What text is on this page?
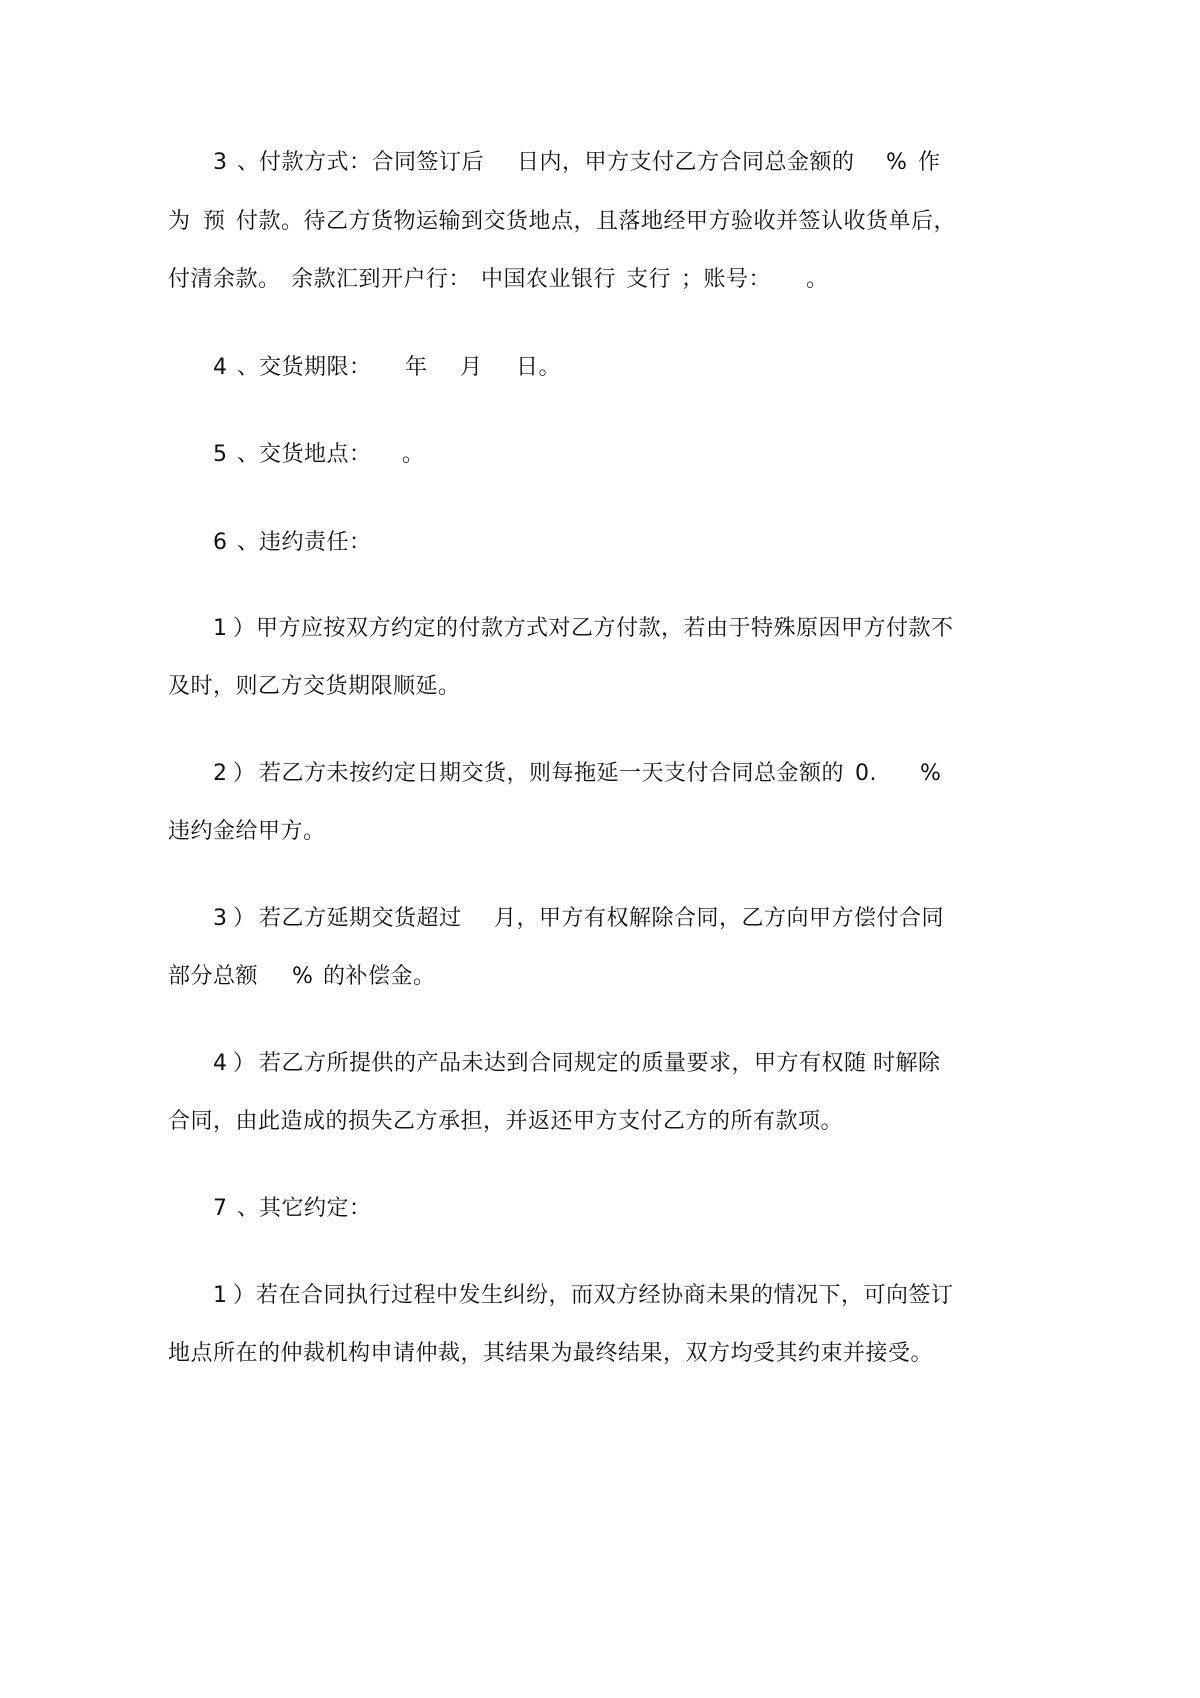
3

、

付款方式：合同签订后

日内，甲方支付乙方合同总金额的

%

作

为

预

付款。待乙方货物运输到交货地点，且落地经甲方验收并签认收货单后，

付清余款。

余款汇到开户行：

中国农业银行

支行

；账号：

。

4

、

交货期限：

年

月

日。

5

、

交货地点：

。

6

、

违约责任：

1

）

甲方应按双方约定的付款方式对乙方付款，若由于特殊原因甲方付款不

及时，则乙方交货期限顺延。

2

）

若乙方未按约定日期交货，则每拖延一天支付合同总金额的

0.

%

违约金给甲方。

3

）

若乙方延期交货超过

月，甲方有权解除合同，乙方向甲方偿付合同

部分总额

%

的补偿金。

4

）

若乙方所提供的产品未达到合同规定的质量要求，甲方有权随

时解除

合同，由此造成的损失乙方承担，并返还甲方支付乙方的所有款项。

7

、

其它约定：

1

）

若在合同执行过程中发生纠纷，而双方经协商未果的情况下，可向签订

地点所在的仲裁机构申请仲裁，其结果为最终结果，双方均受其约束并接受。
